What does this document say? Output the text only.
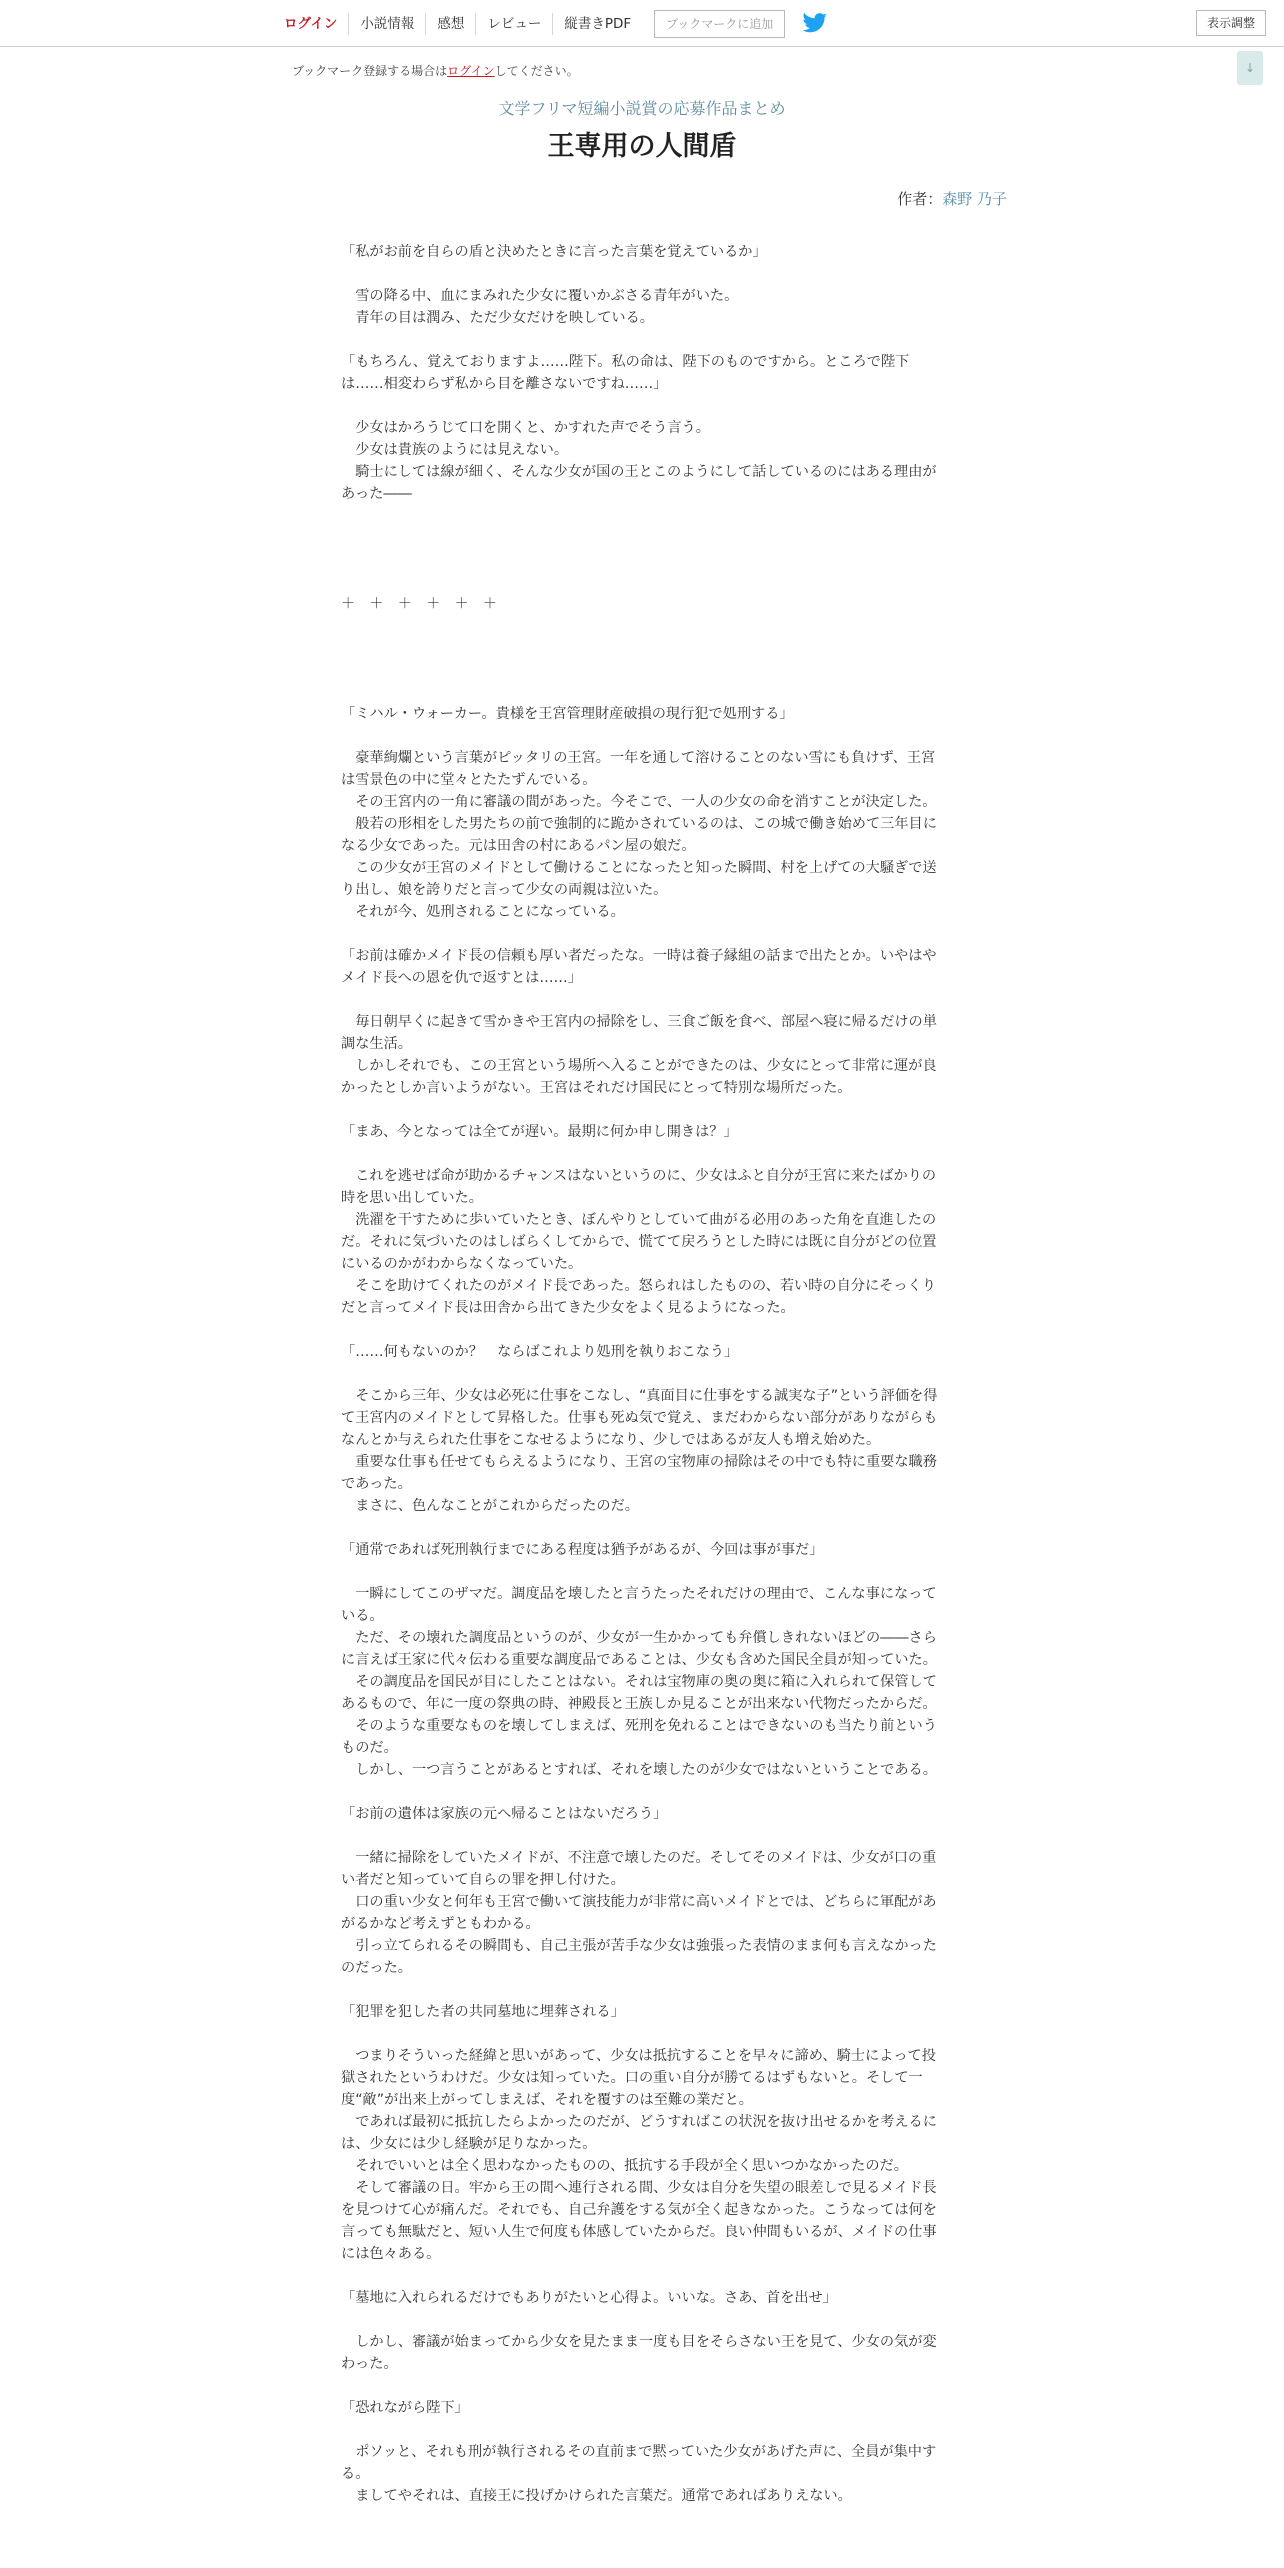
ログイン	小説情報	感想	レビュー	縦書きPDF	ブックマークに追加	表示調整
ブックマーク登録する場合はログインしてください。	↓
文学フリマ短編小説賞の応募作品まとめ
王専用の人間盾
作者：森野 乃子

「私がお前を自らの盾と決めたときに言った言葉を覚えているか」

　雪の降る中、血にまみれた少女に覆いかぶさる青年がいた。

　青年の目は潤み、ただ少女だけを映している。

「もちろん、覚えておりますよ……陛下。私の命は、陛下のものですから。ところで陛下は……相変わらず私から目を離さないですね……」

　少女はかろうじて口を開くと、かすれた声でそう言う。

　少女は貴族のようには見えない。

　騎士にしては線が細く、そんな少女が国の王とこのようにして話しているのにはある理由があった――

＋　＋　＋　＋　＋　＋

「ミハル・ウォーカー。貴様を王宮管理財産破損の現行犯で処刑する」

　豪華絢爛という言葉がピッタリの王宮。一年を通して溶けることのない雪にも負けず、王宮は雪景色の中に堂々とたたずんでいる。

　その王宮内の一角に審議の間があった。今そこで、一人の少女の命を消すことが決定した。

　般若の形相をした男たちの前で強制的に跪かされているのは、この城で働き始めて三年目になる少女であった。元は田舎の村にあるパン屋の娘だ。

　この少女が王宮のメイドとして働けることになったと知った瞬間、村を上げての大騒ぎで送り出し、娘を誇りだと言って少女の両親は泣いた。

　それが今、処刑されることになっている。

「お前は確かメイド長の信頼も厚い者だったな。一時は養子縁組の話まで出たとか。いやはやメイド長への恩を仇で返すとは……」

　毎日朝早くに起きて雪かきや王宮内の掃除をし、三食ご飯を食べ、部屋へ寝に帰るだけの単調な生活。

　しかしそれでも、この王宮という場所へ入ることができたのは、少女にとって非常に運が良かったとしか言いようがない。王宮はそれだけ国民にとって特別な場所だった。

「まあ、今となっては全てが遅い。最期に何か申し開きは？」

　これを逃せば命が助かるチャンスはないというのに、少女はふと自分が王宮に来たばかりの時を思い出していた。

　洗濯を干すために歩いていたとき、ぼんやりとしていて曲がる必用のあった角を直進したのだ。それに気づいたのはしばらくしてからで、慌てて戻ろうとした時には既に自分がどの位置にいるのかがわからなくなっていた。

　そこを助けてくれたのがメイド長であった。怒られはしたものの、若い時の自分にそっくりだと言ってメイド長は田舎から出てきた少女をよく見るようになった。

「……何もないのか？　ならばこれより処刑を執りおこなう」

　そこから三年、少女は必死に仕事をこなし、“真面目に仕事をする誠実な子”という評価を得て王宮内のメイドとして昇格した。仕事も死ぬ気で覚え、まだわからない部分がありながらもなんとか与えられた仕事をこなせるようになり、少しではあるが友人も増え始めた。

　重要な仕事も任せてもらえるようになり、王宮の宝物庫の掃除はその中でも特に重要な職務であった。

　まさに、色んなことがこれからだったのだ。

「通常であれば死刑執行までにある程度は猶予があるが、今回は事が事だ」

　一瞬にしてこのザマだ。調度品を壊したと言うたったそれだけの理由で、こんな事になっている。

　ただ、その壊れた調度品というのが、少女が一生かかっても弁償しきれないほどの――さらに言えば王家に代々伝わる重要な調度品であることは、少女も含めた国民全員が知っていた。

　その調度品を国民が目にしたことはない。それは宝物庫の奥の奥に箱に入れられて保管してあるもので、年に一度の祭典の時、神殿長と王族しか見ることが出来ない代物だったからだ。

　そのような重要なものを壊してしまえば、死刑を免れることはできないのも当たり前というものだ。

　しかし、一つ言うことがあるとすれば、それを壊したのが少女ではないということである。

「お前の遺体は家族の元へ帰ることはないだろう」

　一緒に掃除をしていたメイドが、不注意で壊したのだ。そしてそのメイドは、少女が口の重い者だと知っていて自らの罪を押し付けた。

　口の重い少女と何年も王宮で働いて演技能力が非常に高いメイドとでは、どちらに軍配があがるかなど考えずともわかる。

　引っ立てられるその瞬間も、自己主張が苦手な少女は強張った表情のまま何も言えなかったのだった。

「犯罪を犯した者の共同墓地に埋葬される」

　つまりそういった経緯と思いがあって、少女は抵抗することを早々に諦め、騎士によって投獄されたというわけだ。少女は知っていた。口の重い自分が勝てるはずもないと。そして一度“敵”が出来上がってしまえば、それを覆すのは至難の業だと。

　であれば最初に抵抗したらよかったのだが、どうすればこの状況を抜け出せるかを考えるには、少女には少し経験が足りなかった。

　それでいいとは全く思わなかったものの、抵抗する手段が全く思いつかなかったのだ。

　そして審議の日。牢から王の間へ連行される間、少女は自分を失望の眼差しで見るメイド長を見つけて心が痛んだ。それでも、自己弁護をする気が全く起きなかった。こうなっては何を言っても無駄だと、短い人生で何度も体感していたからだ。良い仲間もいるが、メイドの仕事には色々ある。

「墓地に入れられるだけでもありがたいと心得よ。いいな。さあ、首を出せ」

　しかし、審議が始まってから少女を見たまま一度も目をそらさない王を見て、少女の気が変わった。

「恐れながら陛下」

　ポソッと、それも刑が執行されるその直前まで黙っていた少女があげた声に、全員が集中する。

　ましてやそれは、直接王に投げかけられた言葉だ。通常であればありえない。
